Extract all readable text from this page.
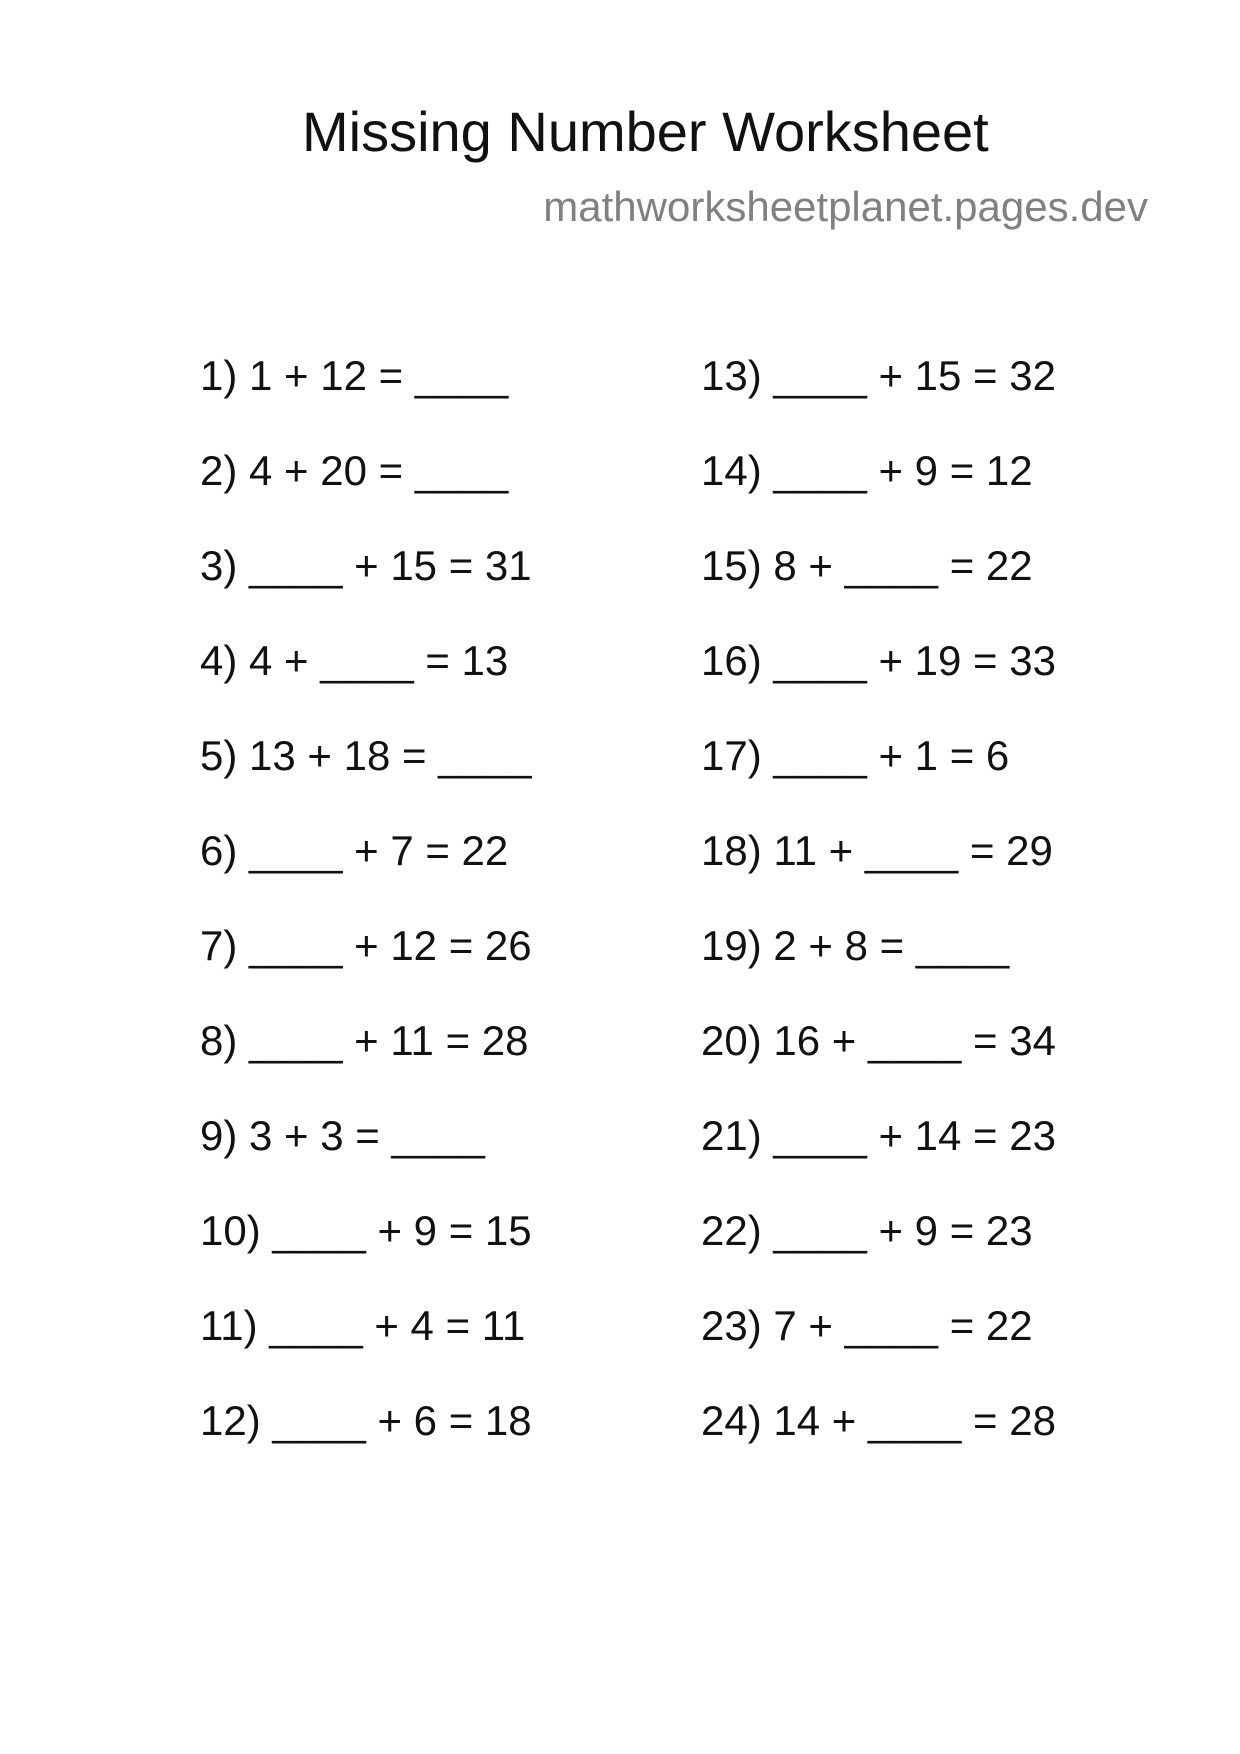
Missing Number Worksheet
mathworksheetplanet.pages.dev
1) 1 + 12 = ____
2) 4 + 20 = ____
3) ____ + 15 = 31
4) 4 + ____ = 13
5) 13 + 18 = ____
6) ____ + 7 = 22
7) ____ + 12 = 26
8) ____ + 11 = 28
9) 3 + 3 = ____
10) ____ + 9 = 15
11) ____ + 4 = 11
12) ____ + 6 = 18
13) ____ + 15 = 32
14) ____ + 9 = 12
15) 8 + ____ = 22
16) ____ + 19 = 33
17) ____ + 1 = 6
18) 11 + ____ = 29
19) 2 + 8 = ____
20) 16 + ____ = 34
21) ____ + 14 = 23
22) ____ + 9 = 23
23) 7 + ____ = 22
24) 14 + ____ = 28
